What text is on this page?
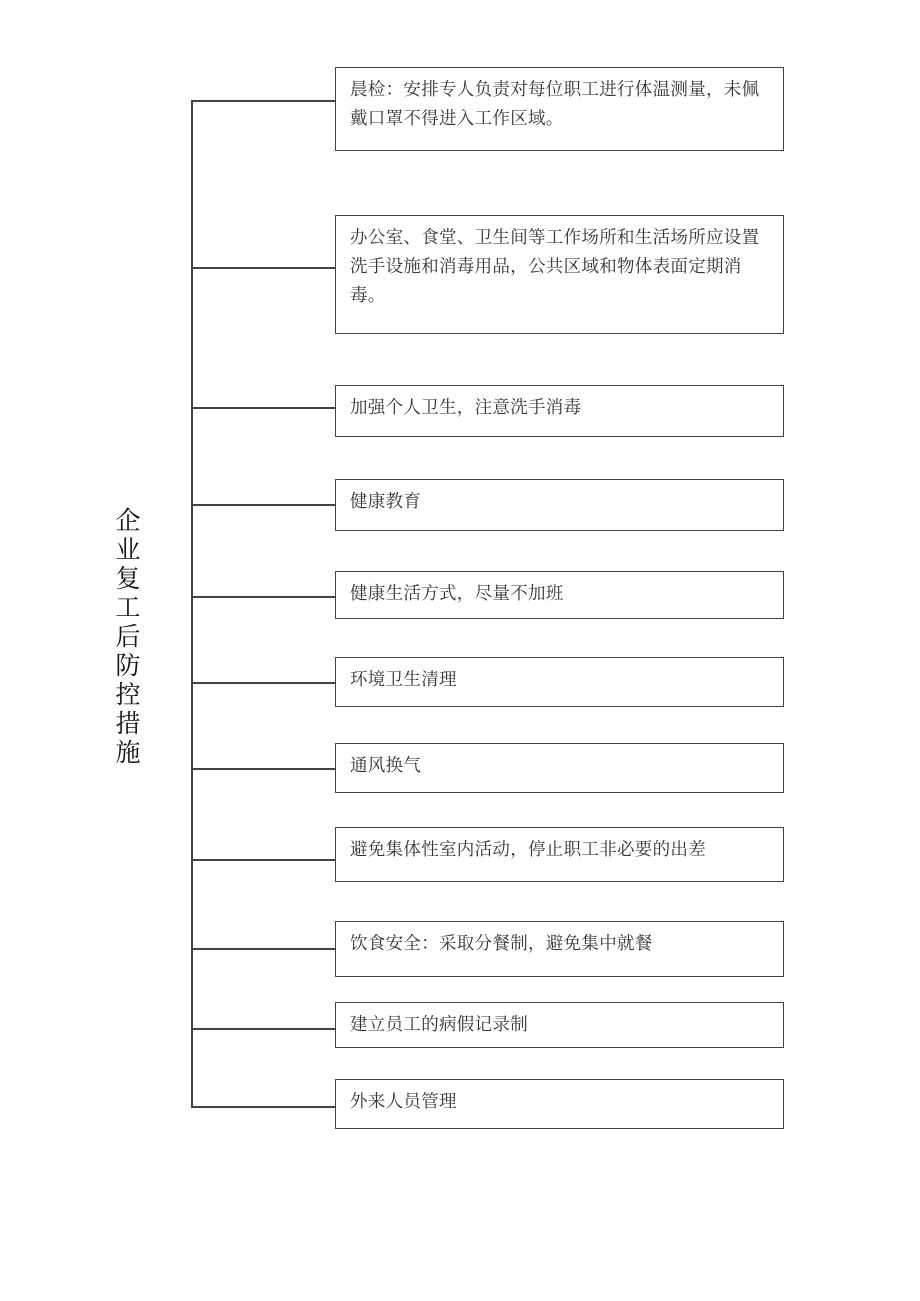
企业复工后防控措施
晨检：安排专人负责对每位职工进行体温测量，未佩戴口罩不得进入工作区域。
办公室、食堂、卫生间等工作场所和生活场所应设置洗手设施和消毒用品，公共区域和物体表面定期消毒。
加强个人卫生，注意洗手消毒
健康教育
健康生活方式，尽量不加班
环境卫生清理
通风换气
避免集体性室内活动，停止职工非必要的出差
饮食安全：采取分餐制，避免集中就餐
建立员工的病假记录制
外来人员管理
